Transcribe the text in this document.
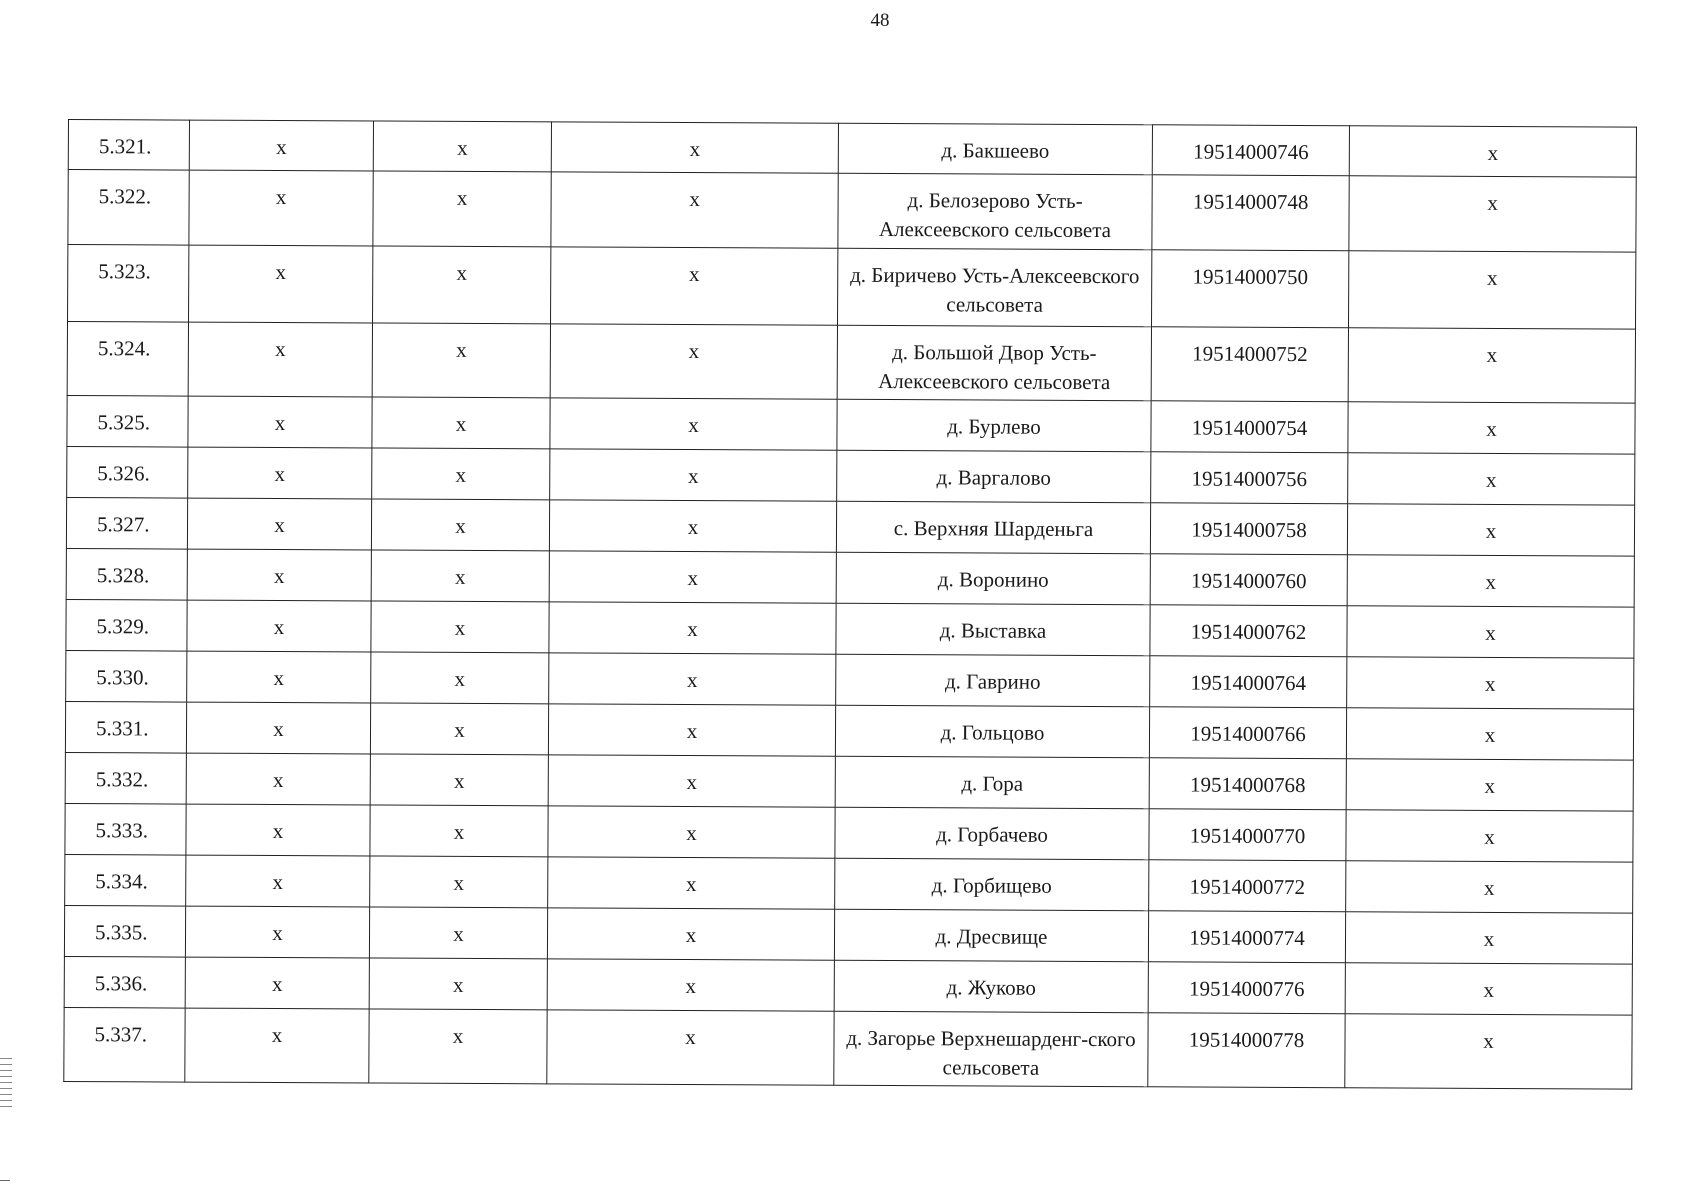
48
5.321.	х	х	х	д. Бакшеево	19514000746	х
5.322.	х	х	х	д. Белозерово Усть-Алексеевского сельсовета	19514000748	х
5.323.	х	х	х	д. Биричево Усть-Алексеевского сельсовета	19514000750	х
5.324.	х	х	х	д. Большой Двор Усть-Алексеевского сельсовета	19514000752	х
5.325.	х	х	х	д. Бурлево	19514000754	х
5.326.	х	х	х	д. Варгалово	19514000756	х
5.327.	х	х	х	с. Верхняя Шарденьга	19514000758	х
5.328.	х	х	х	д. Воронино	19514000760	х
5.329.	х	х	х	д. Выставка	19514000762	х
5.330.	х	х	х	д. Гаврино	19514000764	х
5.331.	х	х	х	д. Гольцово	19514000766	х
5.332.	х	х	х	д. Гора	19514000768	х
5.333.	х	х	х	д. Горбачево	19514000770	х
5.334.	х	х	х	д. Горбищево	19514000772	х
5.335.	х	х	х	д. Дресвище	19514000774	х
5.336.	х	х	х	д. Жуково	19514000776	х
5.337.	х	х	х	д. Загорье Верхнешарденг-ского сельсовета	19514000778	х
